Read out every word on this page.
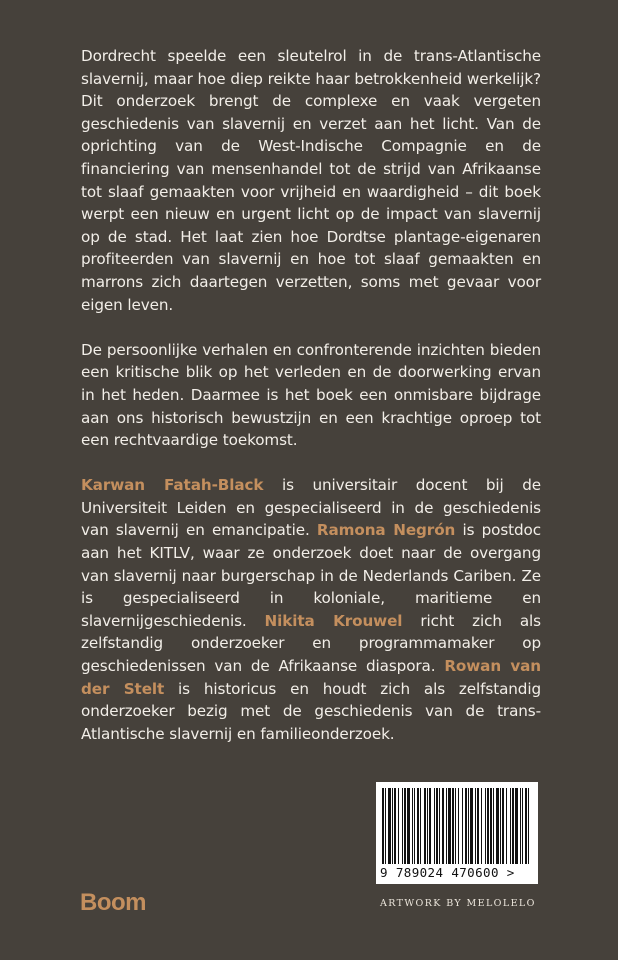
Dordrecht speelde een sleutelrol in de trans-Atlantische slavernij, maar hoe diep reikte haar betrokkenheid werkelijk? Dit onderzoek brengt de complexe en vaak vergeten geschiedenis van slavernij en verzet aan het licht. Van de oprichting van de West-Indische Compagnie en de financiering van mensenhandel tot de strijd van Afrikaanse tot slaaf gemaakten voor vrijheid en waardigheid – dit boek werpt een nieuw en urgent licht op de impact van slavernij op de stad. Het laat zien hoe Dordtse plantage-eigenaren profiteerden van slavernij en hoe tot slaaf gemaakten en marrons zich daartegen verzetten, soms met gevaar voor eigen leven.

De persoonlijke verhalen en confronterende inzichten bieden een kritische blik op het verleden en de doorwerking ervan in het heden. Daarmee is het boek een onmisbare bijdrage aan ons historisch bewustzijn en een krachtige oproep tot een rechtvaardige toekomst.

Karwan Fatah-Black is universitair docent bij de Universiteit Leiden en gespecialiseerd in de geschiedenis van slavernij en emancipatie. Ramona Negrón is postdoc aan het KITLV, waar ze onderzoek doet naar de overgang van slavernij naar burgerschap in de Nederlands Cariben. Ze is gespecialiseerd in koloniale, maritieme en slavernijgeschiedenis. Nikita Krouwel richt zich als zelfstandig onderzoeker en programmamaker op geschiedenissen van de Afrikaanse diaspora. Rowan van der Stelt is historicus en houdt zich als zelfstandig onderzoeker bezig met de geschiedenis van de trans-Atlantische slavernij en familieonderzoek.

9 789024 470600 >
ARTWORK BY MELOLELO
Boom
